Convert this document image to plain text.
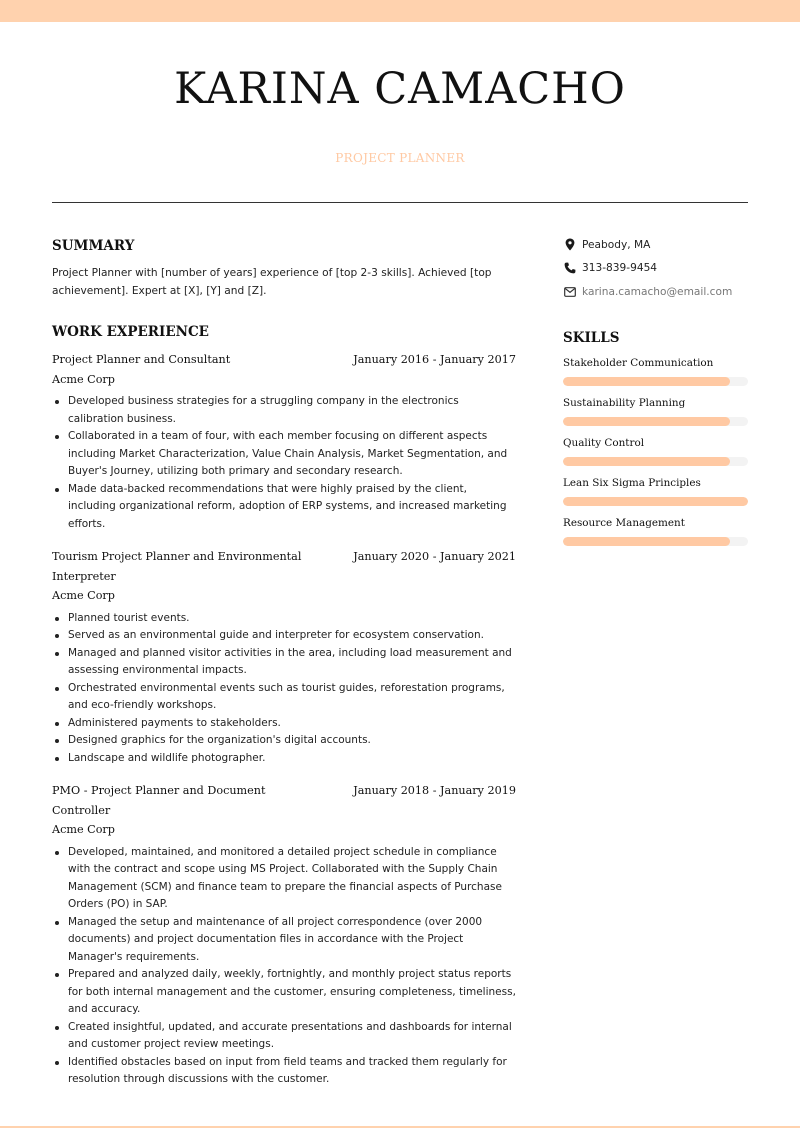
KARINA CAMACHO
PROJECT PLANNER
SUMMARY

Project Planner with [number of years] experience of [top 2-3 skills]. Achieved [top achievement]. Expert at [X], [Y] and [Z].

WORK EXPERIENCE
Project Planner and Consultant	January 2016 - January 2017
Acme Corp
Developed business strategies for a struggling company in the electronics calibration business.
Collaborated in a team of four, with each member focusing on different aspects including Market Characterization, Value Chain Analysis, Market Segmentation, and Buyer's Journey, utilizing both primary and secondary research.
Made data-backed recommendations that were highly praised by the client, including organizational reform, adoption of ERP systems, and increased marketing efforts.
Tourism Project Planner and Environmental Interpreter
January 2020 - January 2021
Acme Corp
Planned tourist events.
Served as an environmental guide and interpreter for ecosystem conservation.
Managed and planned visitor activities in the area, including load measurement and assessing environmental impacts.
Orchestrated environmental events such as tourist guides, reforestation programs, and eco-friendly workshops.
Administered payments to stakeholders.
Designed graphics for the organization's digital accounts.
Landscape and wildlife photographer.
PMO - Project Planner and Document Controller
January 2018 - January 2019
Acme Corp
Developed, maintained, and monitored a detailed project schedule in compliance with the contract and scope using MS Project. Collaborated with the Supply Chain Management (SCM) and finance team to prepare the financial aspects of Purchase Orders (PO) in SAP.
Managed the setup and maintenance of all project correspondence (over 2000 documents) and project documentation files in accordance with the Project Manager's requirements.
Prepared and analyzed daily, weekly, fortnightly, and monthly project status reports for both internal management and the customer, ensuring completeness, timeliness, and accuracy.
Created insightful, updated, and accurate presentations and dashboards for internal and customer project review meetings.
Identified obstacles based on input from field teams and tracked them regularly for resolution through discussions with the customer.
Peabody, MA
313-839-9454
karina.camacho@email.com
SKILLS
Stakeholder Communication
Sustainability Planning
Quality Control
Lean Six Sigma Principles
Resource Management
